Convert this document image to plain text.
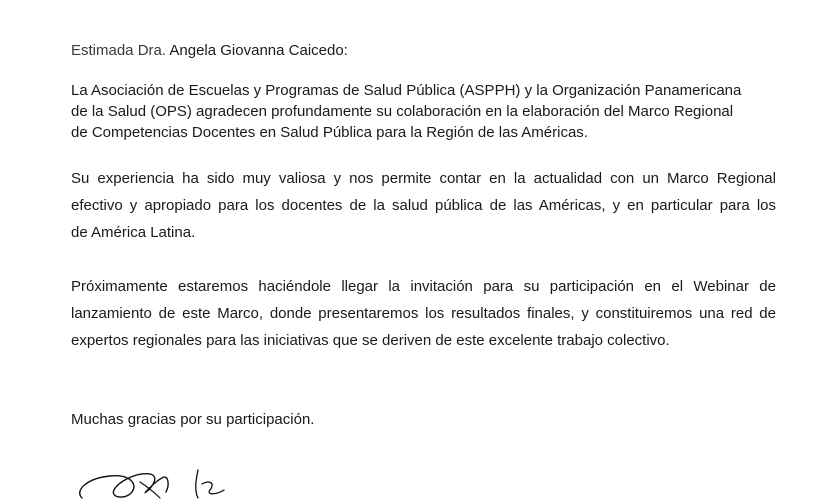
Estimada Dra. Angela Giovanna Caicedo:
La Asociación de Escuelas y Programas de Salud Pública (ASPPH) y la Organización Panamericana
de la Salud (OPS) agradecen profundamente su colaboración en la elaboración del Marco Regional
de Competencias Docentes en Salud Pública para la Región de las Américas.
Su experiencia ha sido muy valiosa y nos permite contar en la actualidad con un Marco Regional
efectivo y apropiado para los docentes de la salud pública de las Américas, y en particular para los
de América Latina.
Próximamente estaremos haciéndole llegar la invitación para su participación en el Webinar de
lanzamiento de este Marco, donde presentaremos los resultados finales, y constituiremos una red de
expertos regionales para las iniciativas que se deriven de este excelente trabajo colectivo.
Muchas gracias por su participación.
